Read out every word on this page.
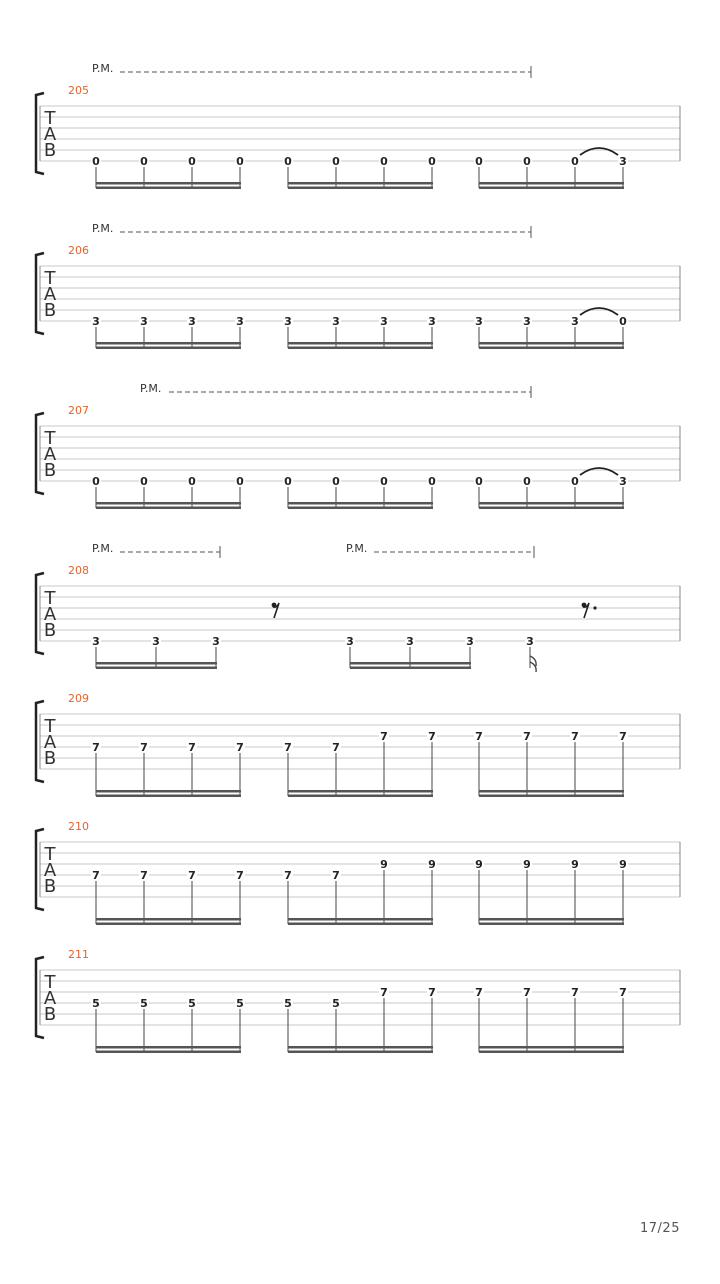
T
A
B
205
P.M.
0	0	0	0	0	0	0	0	0	0	0	3
T
A
B
206
P.M.
3	3	3	3	3	3	3	3	3	3	3	0
T
A
B
207
P.M.
0	0	0	0	0	0	0	0	0	0	0	3
T
A
B
208
P.M.	P.M.
3	3	3	3	3	3	3
T
A
B
209
7	7	7	7	7	7
7	7	7	7	7	7
T
A
B
210
7	7	7	7	7	7
9	9	9	9	9	9
T
A
B
211
5	5	5	5	5	5
7	7	7	7	7	7
17/25
